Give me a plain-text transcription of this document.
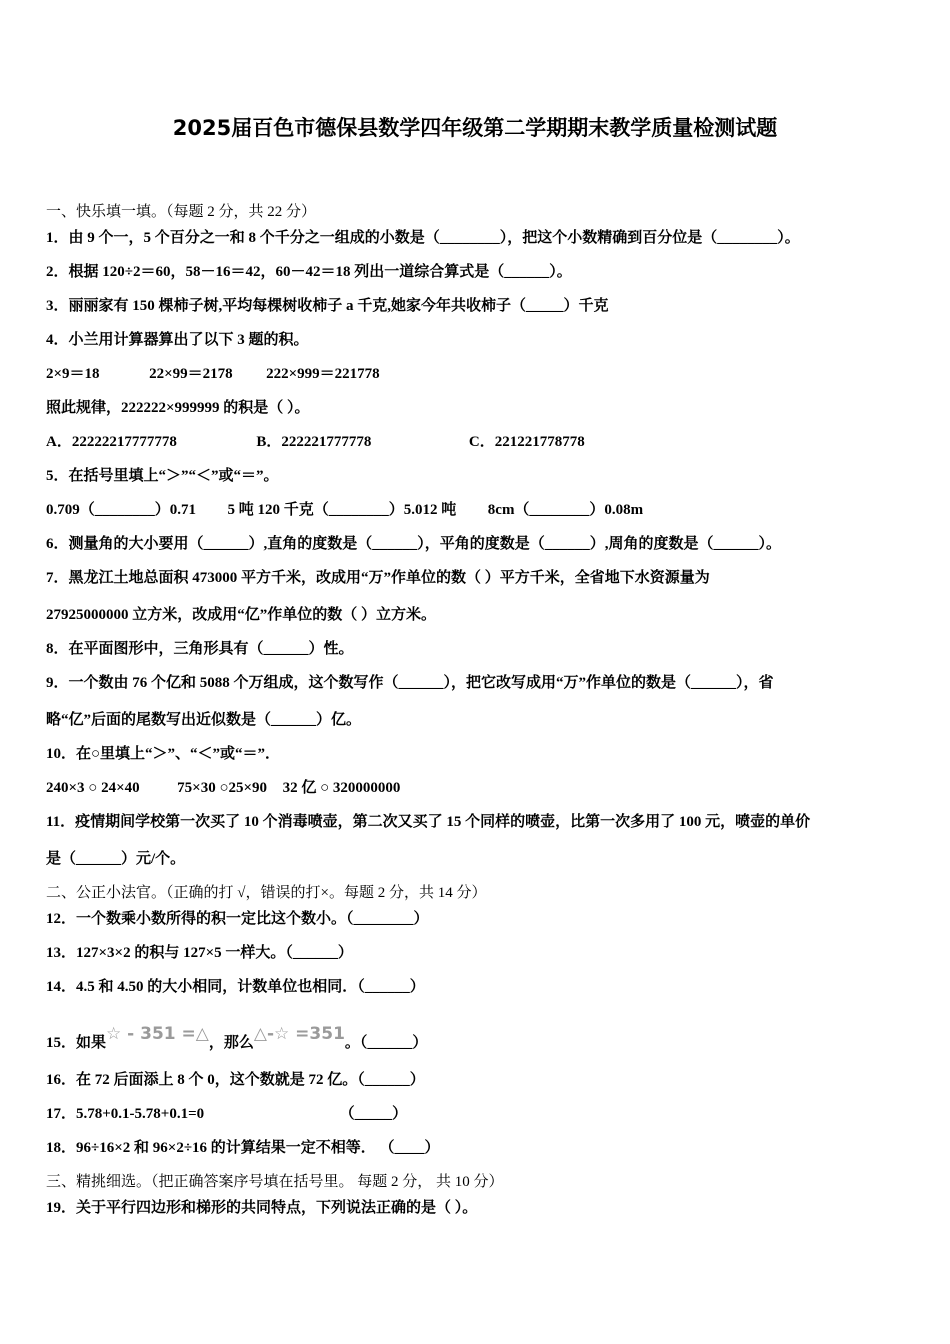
2025届百色市德保县数学四年级第二学期期末教学质量检测试题
一、快乐填一填。（每题 2 分，共 22 分）
1．由 9 个一，5 个百分之一和 8 个千分之一组成的小数是（________），把这个小数精确到百分位是（________）。
2．根据 120÷2＝60，58－16＝42，60－42＝18 列出一道综合算式是（______）。
3．丽丽家有 150 棵柿子树,平均每棵树收柿子 a 千克,她家今年共收柿子（_____）千克
4．小兰用计算器算出了以下 3 题的积。
2×9＝18	22×99＝2178 222×999＝221778
照此规律，222222×999999 的积是（ ）。
A．22222217777778	B．222221777778	C．221221778778
5．在括号里填上“＞”“＜”或“＝”。
0.709（________）0.71 5 吨 120 千克（________）5.012 吨 8cm（________）0.08m
6．测量角的大小要用（______）,直角的度数是（______），平角的度数是（______）,周角的度数是（______）。
7．黑龙江土地总面积 473000 平方千米，改成用“万”作单位的数（ ）平方千米，全省地下水资源量为
27925000000 立方米，改成用“亿”作单位的数（ ）立方米。
8．在平面图形中，三角形具有（______）性。
9．一个数由 76 个亿和 5088 个万组成，这个数写作（______），把它改写成用“万”作单位的数是（______），省
略“亿”后面的尾数写出近似数是（______）亿。
10．在○里填上“＞”、“＜”或“＝”．
240×3 ○ 24×40	75×30 ○25×90 32 亿 ○ 320000000
11．疫情期间学校第一次买了 10 个消毒喷壶，第二次又买了 15 个同样的喷壶，比第一次多用了 100 元，喷壶的单价
是（______）元/个。
二、公正小法官。（正确的打 √，错误的打×。每题 2 分，共 14 分）
12．一个数乘小数所得的积一定比这个数小。（________）
13．127×3×2 的积与 127×5 一样大。（______）
14．4.5 和 4.50 的大小相同，计数单位也相同．（______）
15．如果☆ - 351 =△，那么△-☆ =351。（______）
16．在 72 后面添上 8 个 0，这个数就是 72 亿。（______）
17．5.78+0.1-5.78+0.1=0	（_____）
18．96÷16×2 和 96×2÷16 的计算结果一定不相等． （____）
三、精挑细选。（把正确答案序号填在括号里。 每题 2 分， 共 10 分）
19．关于平行四边形和梯形的共同特点，下列说法正确的是（ ）。
